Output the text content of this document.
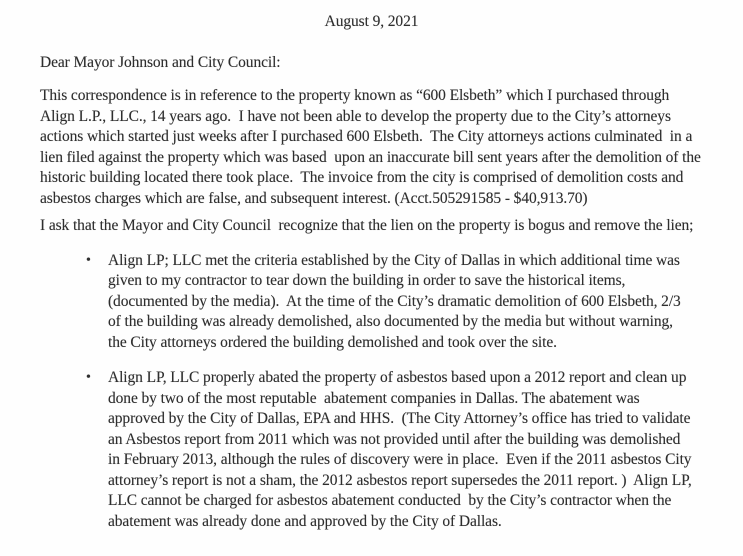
August 9, 2021
Dear Mayor Johnson and City Council:

This correspondence is in reference to the property known as “600 Elsbeth” which I purchased through Align L.P., LLC., 14 years ago.  I have not been able to develop the property due to the City’s attorneys actions which started just weeks after I purchased 600 Elsbeth.  The City attorneys actions culminated  in a lien filed against the property which was based  upon an inaccurate bill sent years after the demolition of the historic building located there took place.  The invoice from the city is comprised of demolition costs and asbestos charges which are false, and subsequent interest. (Acct.505291585 - $40,913.70)

I ask that the Mayor and City Council  recognize that the lien on the property is bogus and remove the lien;

•	Align LP; LLC met the criteria established by the City of Dallas in which additional time was given to my contractor to tear down the building in order to save the historical items, (documented by the media).  At the time of the City’s dramatic demolition of 600 Elsbeth, 2/3 of the building was already demolished, also documented by the media but without warning, the City attorneys ordered the building demolished and took over the site.
•	Align LP, LLC properly abated the property of asbestos based upon a 2012 report and clean up done by two of the most reputable  abatement companies in Dallas. The abatement was approved by the City of Dallas, EPA and HHS.  (The City Attorney’s office has tried to validate an Asbestos report from 2011 which was not provided until after the building was demolished in February 2013, although the rules of discovery were in place.  Even if the 2011 asbestos City attorney’s report is not a sham, the 2012 asbestos report supersedes the 2011 report. )  Align LP, LLC cannot be charged for asbestos abatement conducted  by the City’s contractor when the abatement was already done and approved by the City of Dallas.
